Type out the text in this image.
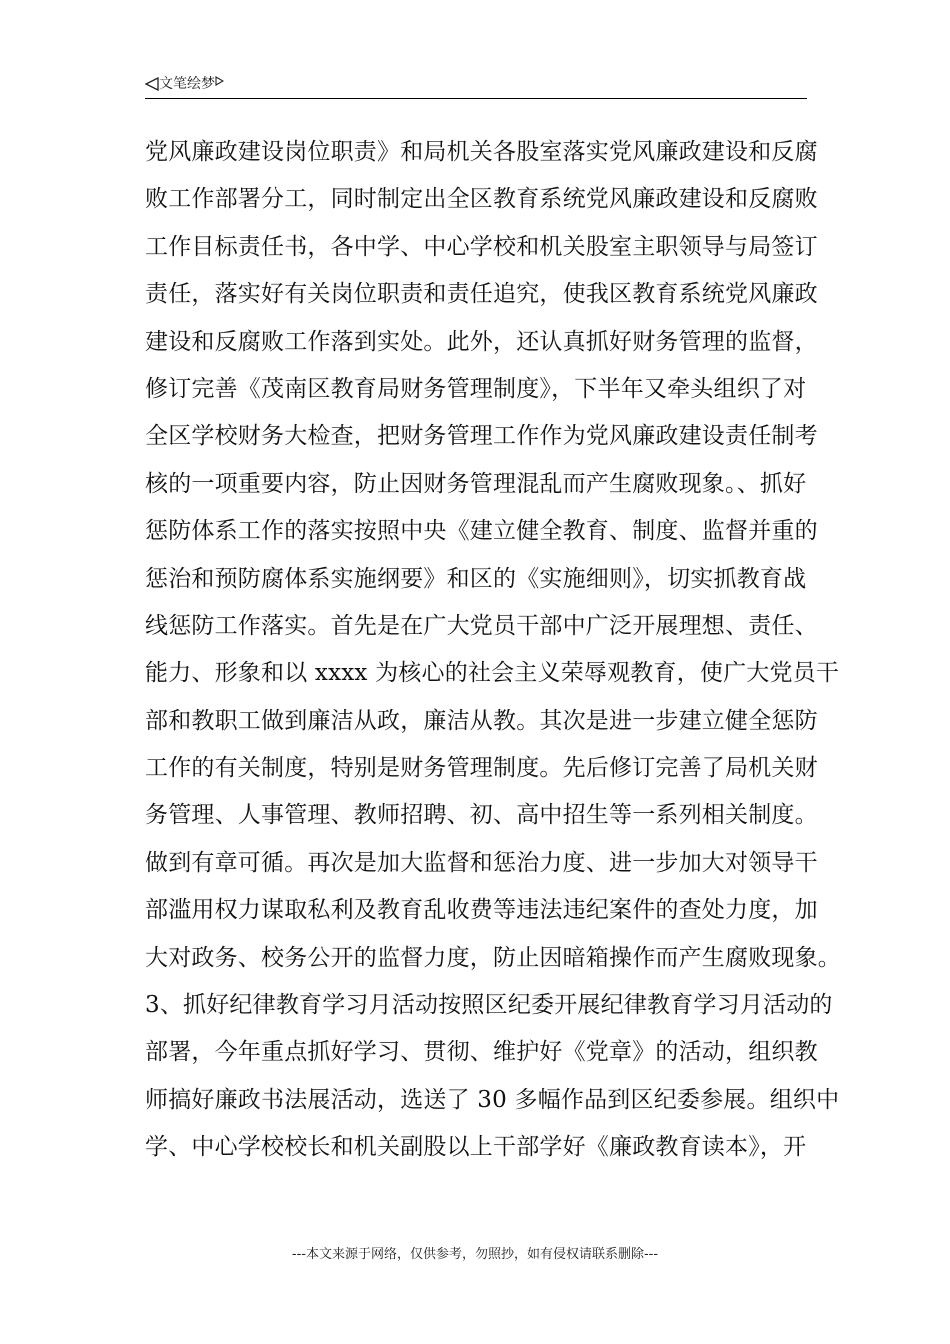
文笔绘梦
党风廉政建设岗位职责》和局机关各股室落实党风廉政建设和反腐
败工作部署分工，同时制定出全区教育系统党风廉政建设和反腐败
工作目标责任书，各中学、中心学校和机关股室主职领导与局签订
责任，落实好有关岗位职责和责任追究，使我区教育系统党风廉政
建设和反腐败工作落到实处。此外，还认真抓好财务管理的监督，
修订完善《茂南区教育局财务管理制度》，下半年又牵头组织了对
全区学校财务大检查，把财务管理工作作为党风廉政建设责任制考
核的一项重要内容，防止因财务管理混乱而产生腐败现象。、抓好
惩防体系工作的落实按照中央《建立健全教育、制度、监督并重的
惩治和预防腐体系实施纲要》和区的《实施细则》，切实抓教育战
线惩防工作落实。首先是在广大党员干部中广泛开展理想、责任、
能力、形象和以 xxxx 为核心的社会主义荣辱观教育，使广大党员干
部和教职工做到廉洁从政，廉洁从教。其次是进一步建立健全惩防
工作的有关制度，特别是财务管理制度。先后修订完善了局机关财
务管理、人事管理、教师招聘、初、高中招生等一系列相关制度。
做到有章可循。再次是加大监督和惩治力度、进一步加大对领导干
部滥用权力谋取私利及教育乱收费等违法违纪案件的查处力度，加
大对政务、校务公开的监督力度，防止因暗箱操作而产生腐败现象。
3、抓好纪律教育学习月活动按照区纪委开展纪律教育学习月活动的
部署，今年重点抓好学习、贯彻、维护好《党章》的活动，组织教
师搞好廉政书法展活动，选送了 30 多幅作品到区纪委参展。组织中
学、中心学校校长和机关副股以上干部学好《廉政教育读本》，开
---本文来源于网络，仅供参考，勿照抄，如有侵权请联系删除---
